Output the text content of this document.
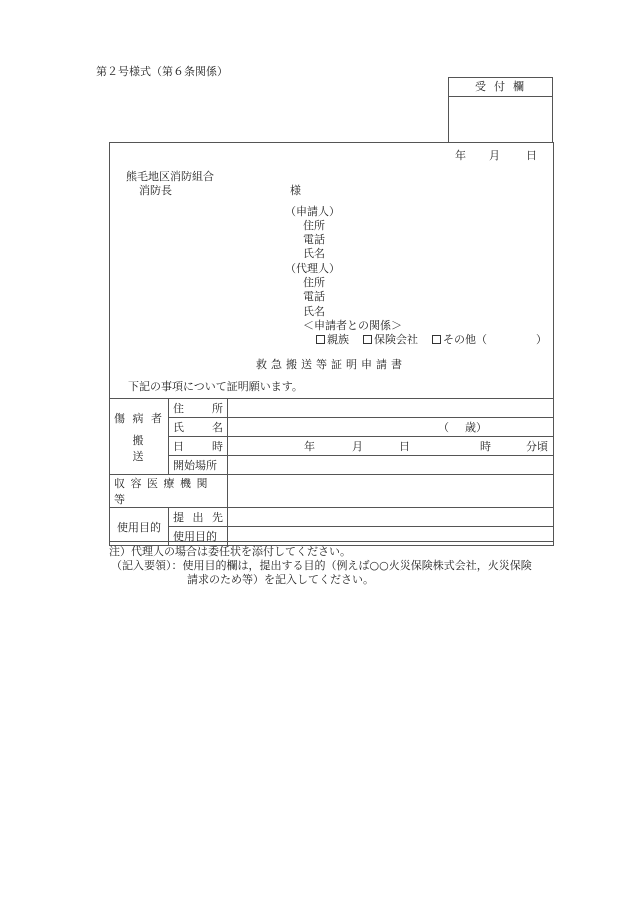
第２号様式（第６条関係）
受付欄
年 月 日
熊毛地区消防組合
消防長	様
（申請人）
住所
電話
氏名
（代理人）
住所
電話
氏名
＜申請者との関係＞
親族	保険会社	その他（	）
救急搬送等証明申請書
下記の事項について証明願います。
傷 病 者
搬　　送	住 所	

	氏 名	（ 歳）

	日 時	年 月 日 時 分頃

	開始場所	
収 容 医 療 機 関 等		
使用目的	提 出 先	

	使用目的	
注）代理人の場合は委任状を添付してください。
（記入要領）：使用目的欄は，提出する目的（例えば○○火災保険株式会社，火災保険
請求のため等）を記入してください。
